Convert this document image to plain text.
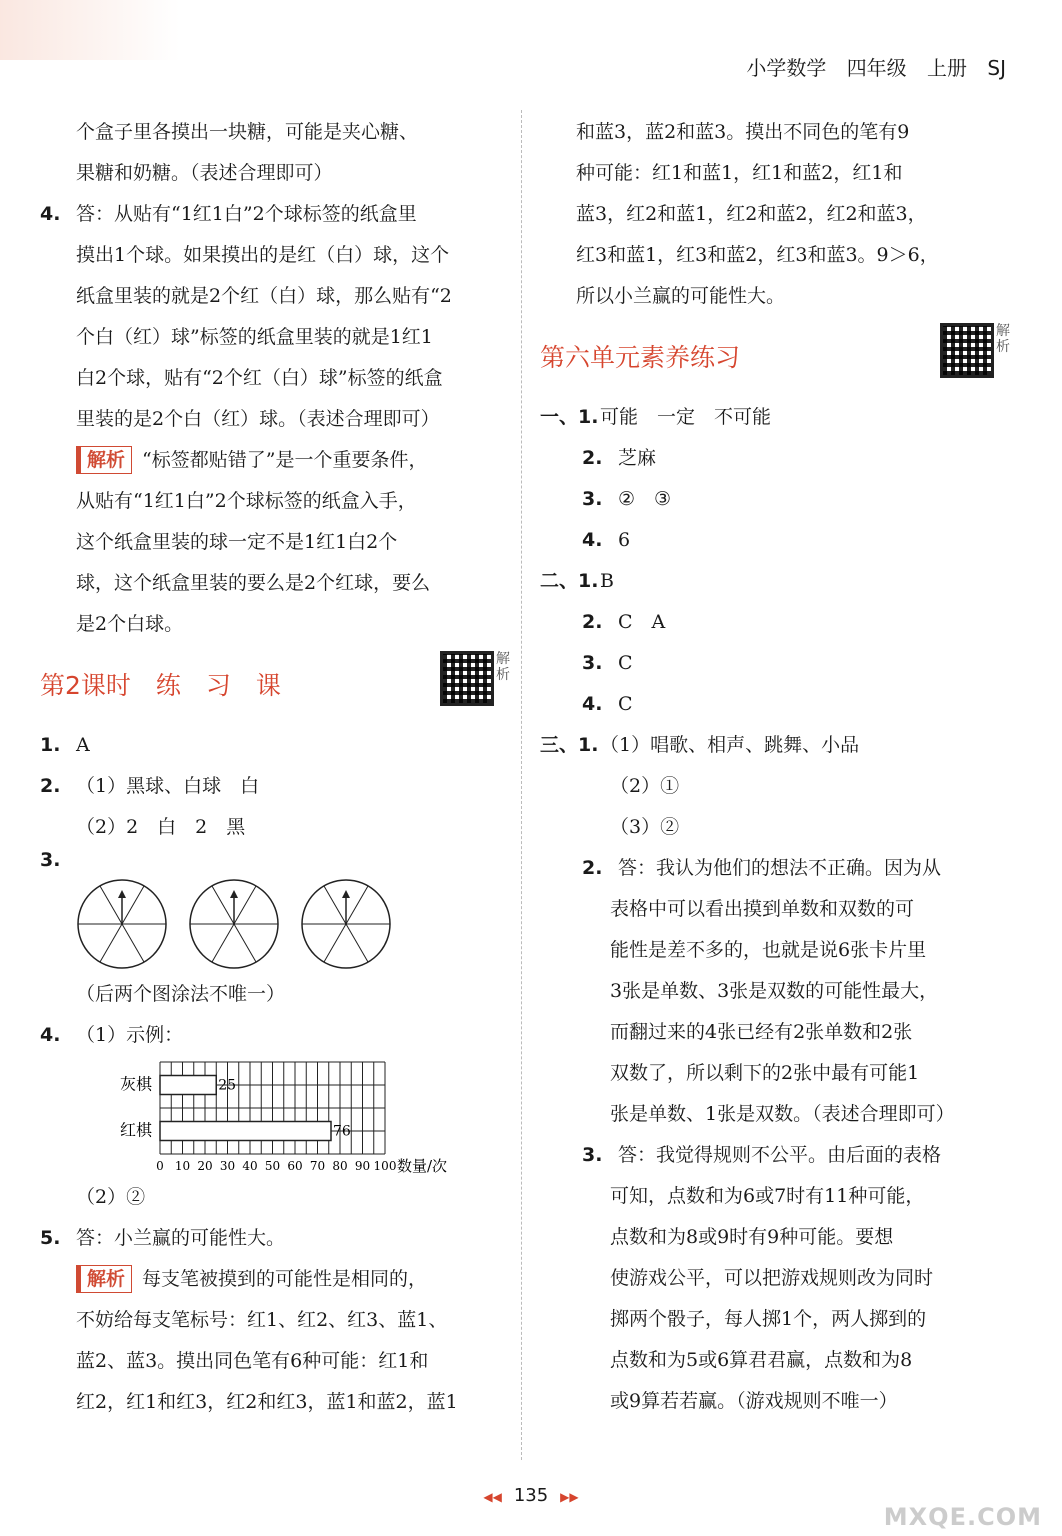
小学数学 四年级 上册 SJ

个盒子里各摸出一块糖，可能是夹心糖、

果糖和奶糖。（表述合理即可）

4. 答：从贴有“1红1白”2个球标签的纸盒里

摸出1个球。如果摸出的是红（白）球，这个

纸盒里装的就是2个红（白）球，那么贴有“2

个白（红）球”标签的纸盒里装的就是1红1

白2个球，贴有“2个红（白）球”标签的纸盒

里装的是2个白（红）球。（表述合理即可）

解析 “标签都贴错了”是一个重要条件，

从贴有“1红1白”2个球标签的纸盒入手，

这个纸盒里装的球一定不是1红1白2个

球，这个纸盒里装的要么是2个红球，要么

是2个白球。

第2课时　练　习　课
解析

1. A

2. （1）黑球、白球　白

（2）2　白　2　黑

3.

（后两个图涂法不唯一）

4. （1）示例：

25
灰棋
76
红棋
0 10 20 30 40 50 60 70 80 90 100 数量/次

（2）②

5. 答：小兰赢的可能性大。

解析 每支笔被摸到的可能性是相同的，

不妨给每支笔标号：红1、红2、红3、蓝1、

蓝2、蓝3。摸出同色笔有6种可能：红1和

红2，红1和红3，红2和红3，蓝1和蓝2，蓝1

和蓝3，蓝2和蓝3。摸出不同色的笔有9

种可能：红1和蓝1，红1和蓝2，红1和

蓝3，红2和蓝1，红2和蓝2，红2和蓝3，

红3和蓝1，红3和蓝2，红3和蓝3。9＞6，

所以小兰赢的可能性大。

第六单元素养练习
解析

一、1.可能　一定　不可能

2. 芝麻

3. ②　③

4. 6

二、1.B

2. C　A

3. C

4. C

三、1.（1）唱歌、相声、跳舞、小品

（2）①

（3）②

2. 答：我认为他们的想法不正确。因为从

表格中可以看出摸到单数和双数的可

能性是差不多的，也就是说6张卡片里

3张是单数、3张是双数的可能性最大，

而翻过来的4张已经有2张单数和2张

双数了，所以剩下的2张中最有可能1

张是单数、1张是双数。（表述合理即可）

3. 答：我觉得规则不公平。由后面的表格

可知，点数和为6或7时有11种可能，

点数和为8或9时有9种可能。要想

使游戏公平，可以把游戏规则改为同时

掷两个骰子，每人掷1个，两人掷到的

点数和为5或6算君君赢，点数和为8

或9算若若赢。（游戏规则不唯一）

◀◀ 135 ▶▶
MXQE.COM
